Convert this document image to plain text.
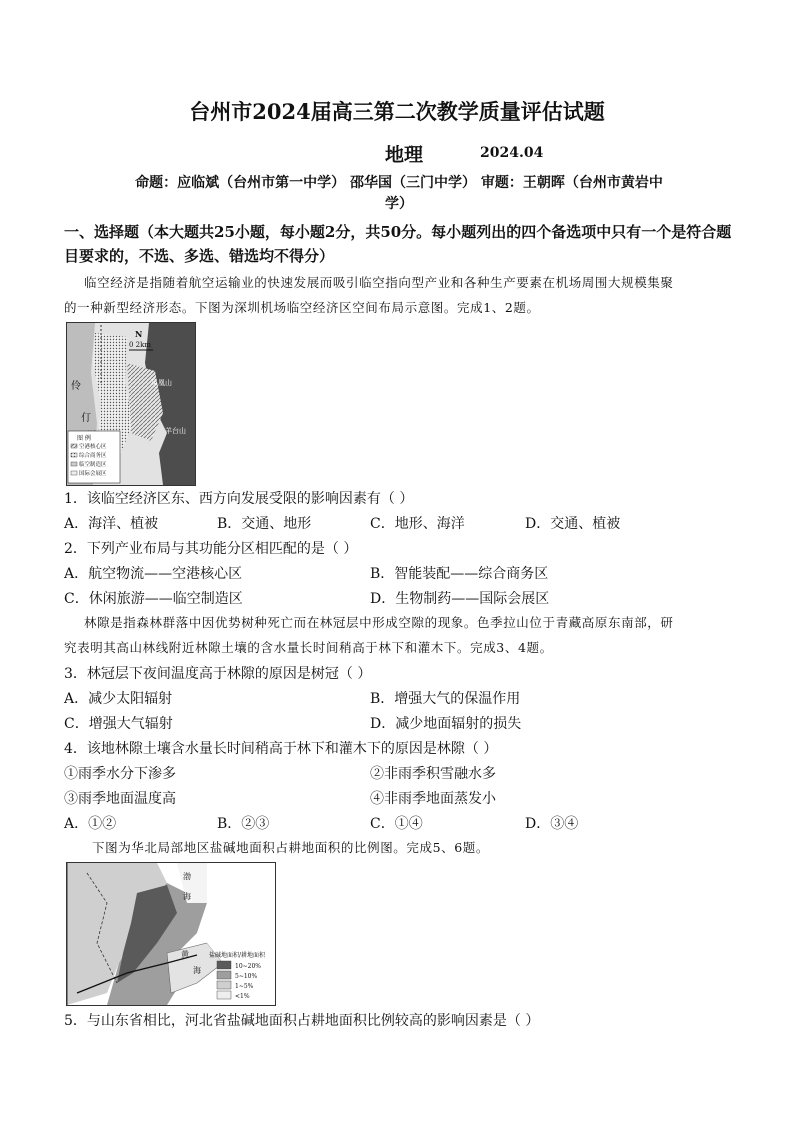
台州市2024届高三第二次教学质量评估试题
地理	2024.04
命题：应临斌（台州市第一中学） 邵华国（三门中学） 审题：王朝晖（台州市黄岩中
学）
一、选择题（本大题共25小题，每小题2分，共50分。每小题列出的四个备选项中只有一个是符合题目要求的，不选、多选、错选均不得分）
临空经济是指随着航空运输业的快速发展而吸引临空指向型产业和各种生产要素在机场周围大规模集聚
的一种新型经济形态。下图为深圳机场临空经济区空间布局示意图。完成1、2题。
0 2km
N
伶
仃
凤凰山
羊台山
图 例
空港核心区
综合商务区
临空制造区
国际会展区
1．该临空经济区东、西方向发展受限的影响因素有（ ）
A．海洋、植被	B．交通、地形	C．地形、海洋	D．交通、植被
2．下列产业布局与其功能分区相匹配的是（ ）
A．航空物流——空港核心区	B．智能装配——综合商务区
C．休闲旅游——临空制造区	D．生物制药——国际会展区
林隙是指森林群落中因优势树种死亡而在林冠层中形成空隙的现象。色季拉山位于青藏高原东南部，研
究表明其高山林线附近林隙土壤的含水量长时间稍高于林下和灌木下。完成3、4题。
3．林冠层下夜间温度高于林隙的原因是树冠（ ）
A．减少太阳辐射	B．增强大气的保温作用
C．增强大气辐射	D．减少地面辐射的损失
4．该地林隙土壤含水量长时间稍高于林下和灌木下的原因是林隙（ ）
①雨季水分下渗多	②非雨季积雪融水多
③雨季地面温度高	④非雨季地面蒸发小
A．①②	B．②③	C．①④	D．③④
下图为华北局部地区盐碱地面积占耕地面积的比例图。完成5、6题。
渤
海
黄
海
盐碱地面积/耕地面积
10~20%
5~10%
1~5%
<1%
5．与山东省相比，河北省盐碱地面积占耕地面积比例较高的影响因素是（ ）
